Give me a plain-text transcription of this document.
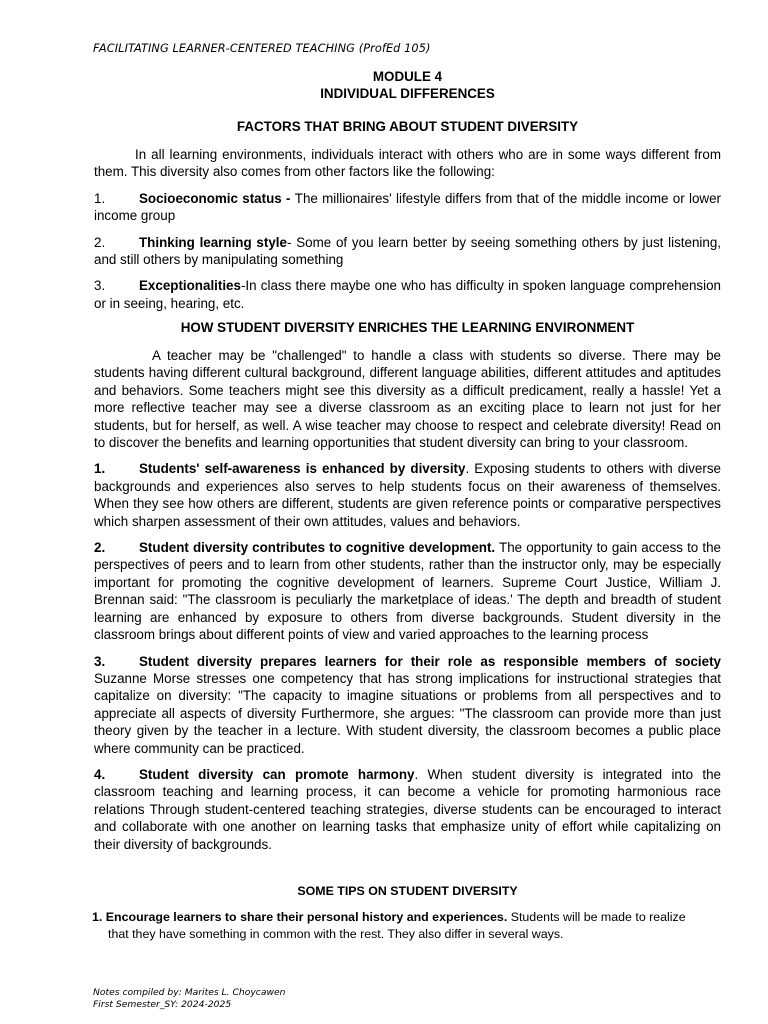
FACILITATING LEARNER-CENTERED TEACHING (ProfEd 105)
MODULE 4
INDIVIDUAL DIFFERENCES
FACTORS THAT BRING ABOUT STUDENT DIVERSITY

In all learning environments, individuals interact with others who are in some ways different from them. This diversity also comes from other factors like the following:

1.	Socioeconomic status - The millionaires' lifestyle differs from that of the middle income or lower income group

2.	Thinking learning style- Some of you learn better by seeing something others by just listening, and still others by manipulating something

3.	Exceptionalities-In class there maybe one who has difficulty in spoken language comprehension or in seeing, hearing, etc.

HOW STUDENT DIVERSITY ENRICHES THE LEARNING ENVIRONMENT

A teacher may be "challenged" to handle a class with students so diverse. There may be students having different cultural background, different language abilities, different attitudes and aptitudes and behaviors. Some teachers might see this diversity as a difficult predicament, really a hassle! Yet a more reflective teacher may see a diverse classroom as an exciting place to learn not just for her students, but for herself, as well. A wise teacher may choose to respect and celebrate diversity! Read on to discover the benefits and learning opportunities that student diversity can bring to your classroom.

1.	Students' self-awareness is enhanced by diversity. Exposing students to others with diverse backgrounds and experiences also serves to help students focus on their awareness of themselves. When they see how others are different, students are given reference points or comparative perspectives which sharpen assessment of their own attitudes, values and behaviors.

2.	Student diversity contributes to cognitive development. The opportunity to gain access to the perspectives of peers and to learn from other students, rather than the instructor only, may be especially important for promoting the cognitive development of learners. Supreme Court Justice, William J. Brennan said: "The classroom is peculiarly the marketplace of ideas.' The depth and breadth of student learning are enhanced by exposure to others from diverse backgrounds. Student diversity in the classroom brings about different points of view and varied approaches to the learning process

3.	Student diversity prepares learners for their role as responsible members of society Suzanne Morse stresses one competency that has strong implications for instructional strategies that capitalize on diversity: "The capacity to imagine situations or problems from all perspectives and to appreciate all aspects of diversity Furthermore, she argues: "The classroom can provide more than just theory given by the teacher in a lecture. With student diversity, the classroom becomes a public place where community can be practiced.

4.	Student diversity can promote harmony. When student diversity is integrated into the classroom teaching and learning process, it can become a vehicle for promoting harmonious race relations Through student-centered teaching strategies, diverse students can be encouraged to interact and collaborate with one another on learning tasks that emphasize unity of effort while capitalizing on their diversity of backgrounds.

SOME TIPS ON STUDENT DIVERSITY
1. Encourage learners to share their personal history and experiences. Students will be made to realize
that they have something in common with the rest. They also differ in several ways.
Notes compiled by: Marites L. Choycawen
First Semester_SY: 2024-2025
